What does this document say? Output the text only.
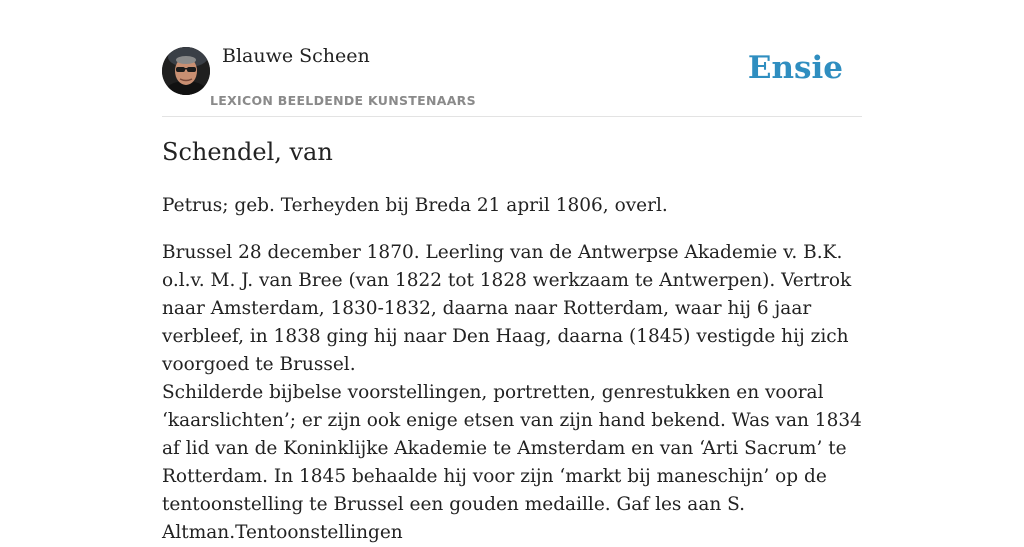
Blauwe Scheen
LEXICON BEELDENDE KUNSTENAARS
Ensie
Schendel, van

Petrus; geb. Terheyden bij Breda 21 april 1806, overl.

Brussel 28 december 1870. Leerling van de Antwerpse Akademie v. B.K. o.l.v. M. J. van Bree (van 1822 tot 1828 werkzaam te Antwerpen). Vertrok naar Amsterdam, 1830-1832, daarna naar Rotterdam, waar hij 6 jaar verbleef, in 1838 ging hij naar Den Haag, daarna (1845) vestigde hij zich voorgoed te Brussel.

Schilderde bijbelse voorstellingen, portretten, genrestukken en vooral ‘kaarslichten’; er zijn ook enige etsen van zijn hand bekend. Was van 1834 af lid van de Koninklijke Akademie te Amsterdam en van ‘Arti Sacrum’ te Rotterdam. In 1845 behaalde hij voor zijn ‘markt bij maneschijn’ op de tentoonstelling te Brussel een gouden medaille. Gaf les aan S. Altman.Tentoonstellingen
